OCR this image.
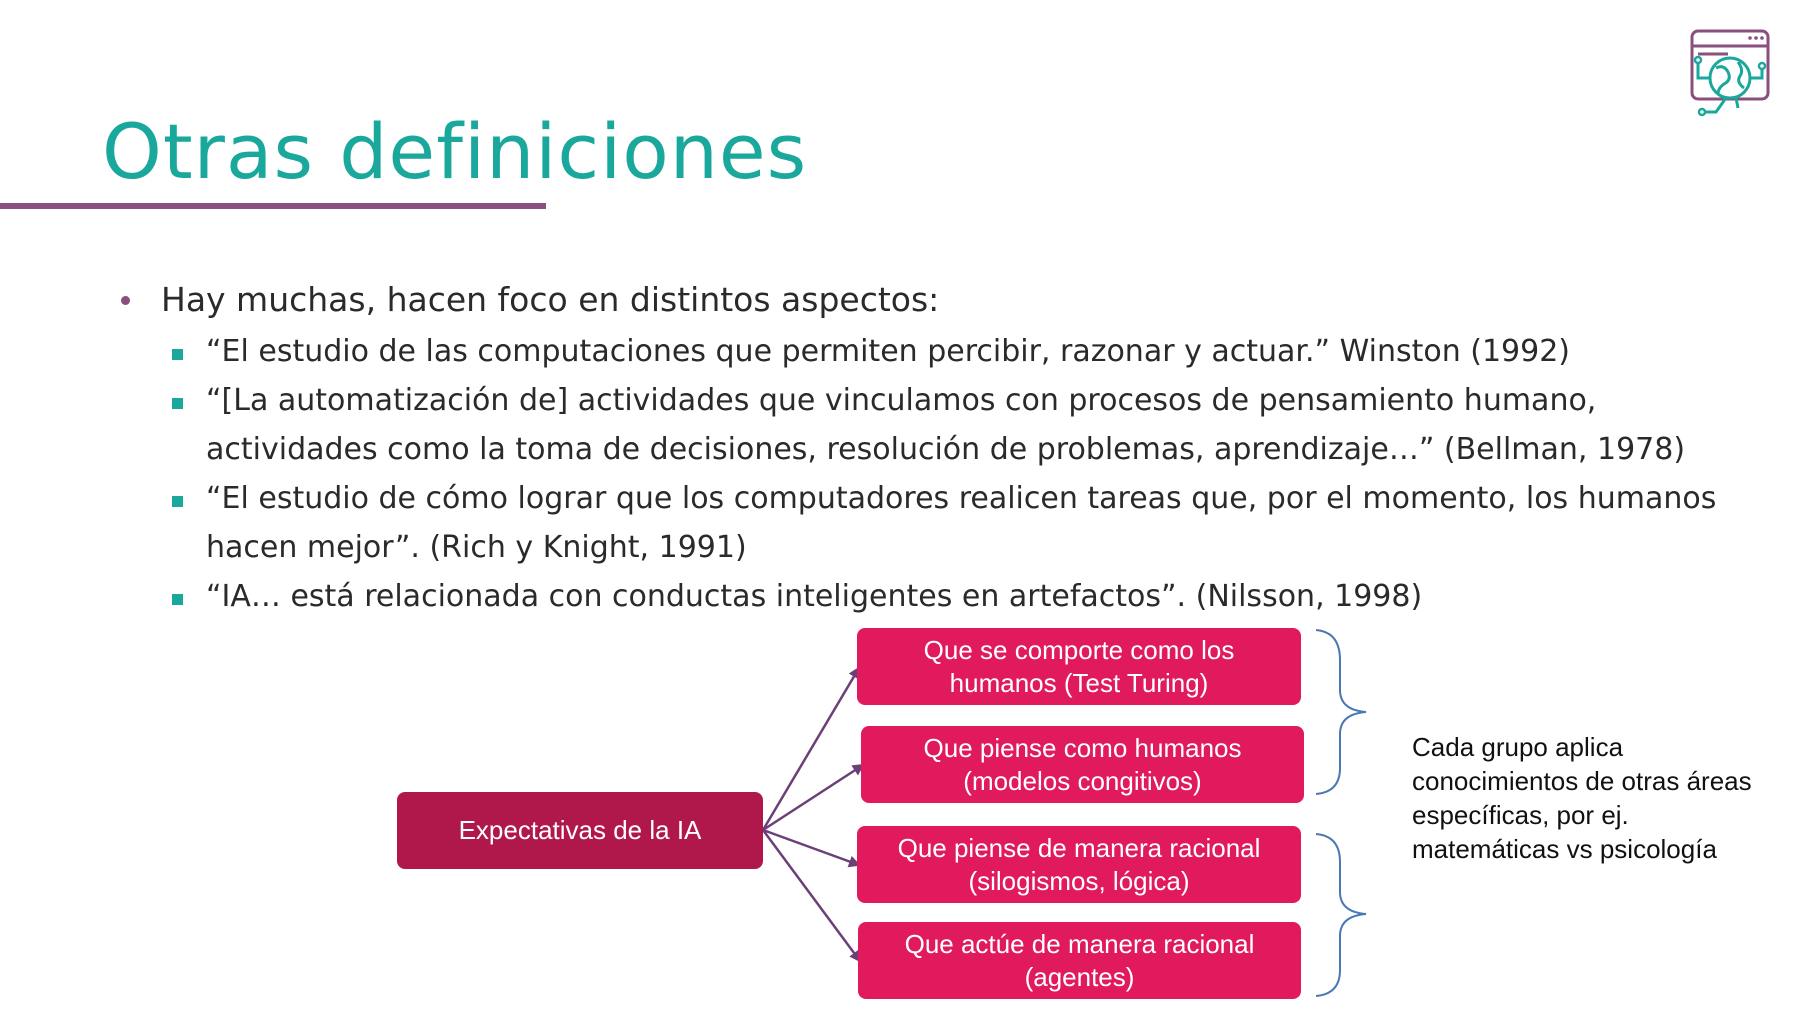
Otras definiciones
Hay muchas, hacen foco en distintos aspectos:
“El estudio de las computaciones que permiten percibir, razonar y actuar.” Winston (1992)
“[La automatización de] actividades que vinculamos con procesos de pensamiento humano, actividades como la toma de decisiones, resolución de problemas, aprendizaje…” (Bellman, 1978)
“El estudio de cómo lograr que los computadores realicen tareas que, por el momento, los humanos hacen mejor”. (Rich y Knight, 1991)
“IA… está relacionada con conductas inteligentes en artefactos”. (Nilsson, 1998)
Expectativas de la IA
Que se comporte como los
humanos (Test Turing)
Que piense como humanos
(modelos congitivos)
Que piense de manera racional
(silogismos, lógica)
Que actúe de manera racional
(agentes)
Cada grupo aplica
conocimientos de otras áreas
específicas, por ej.
matemáticas vs psicología
